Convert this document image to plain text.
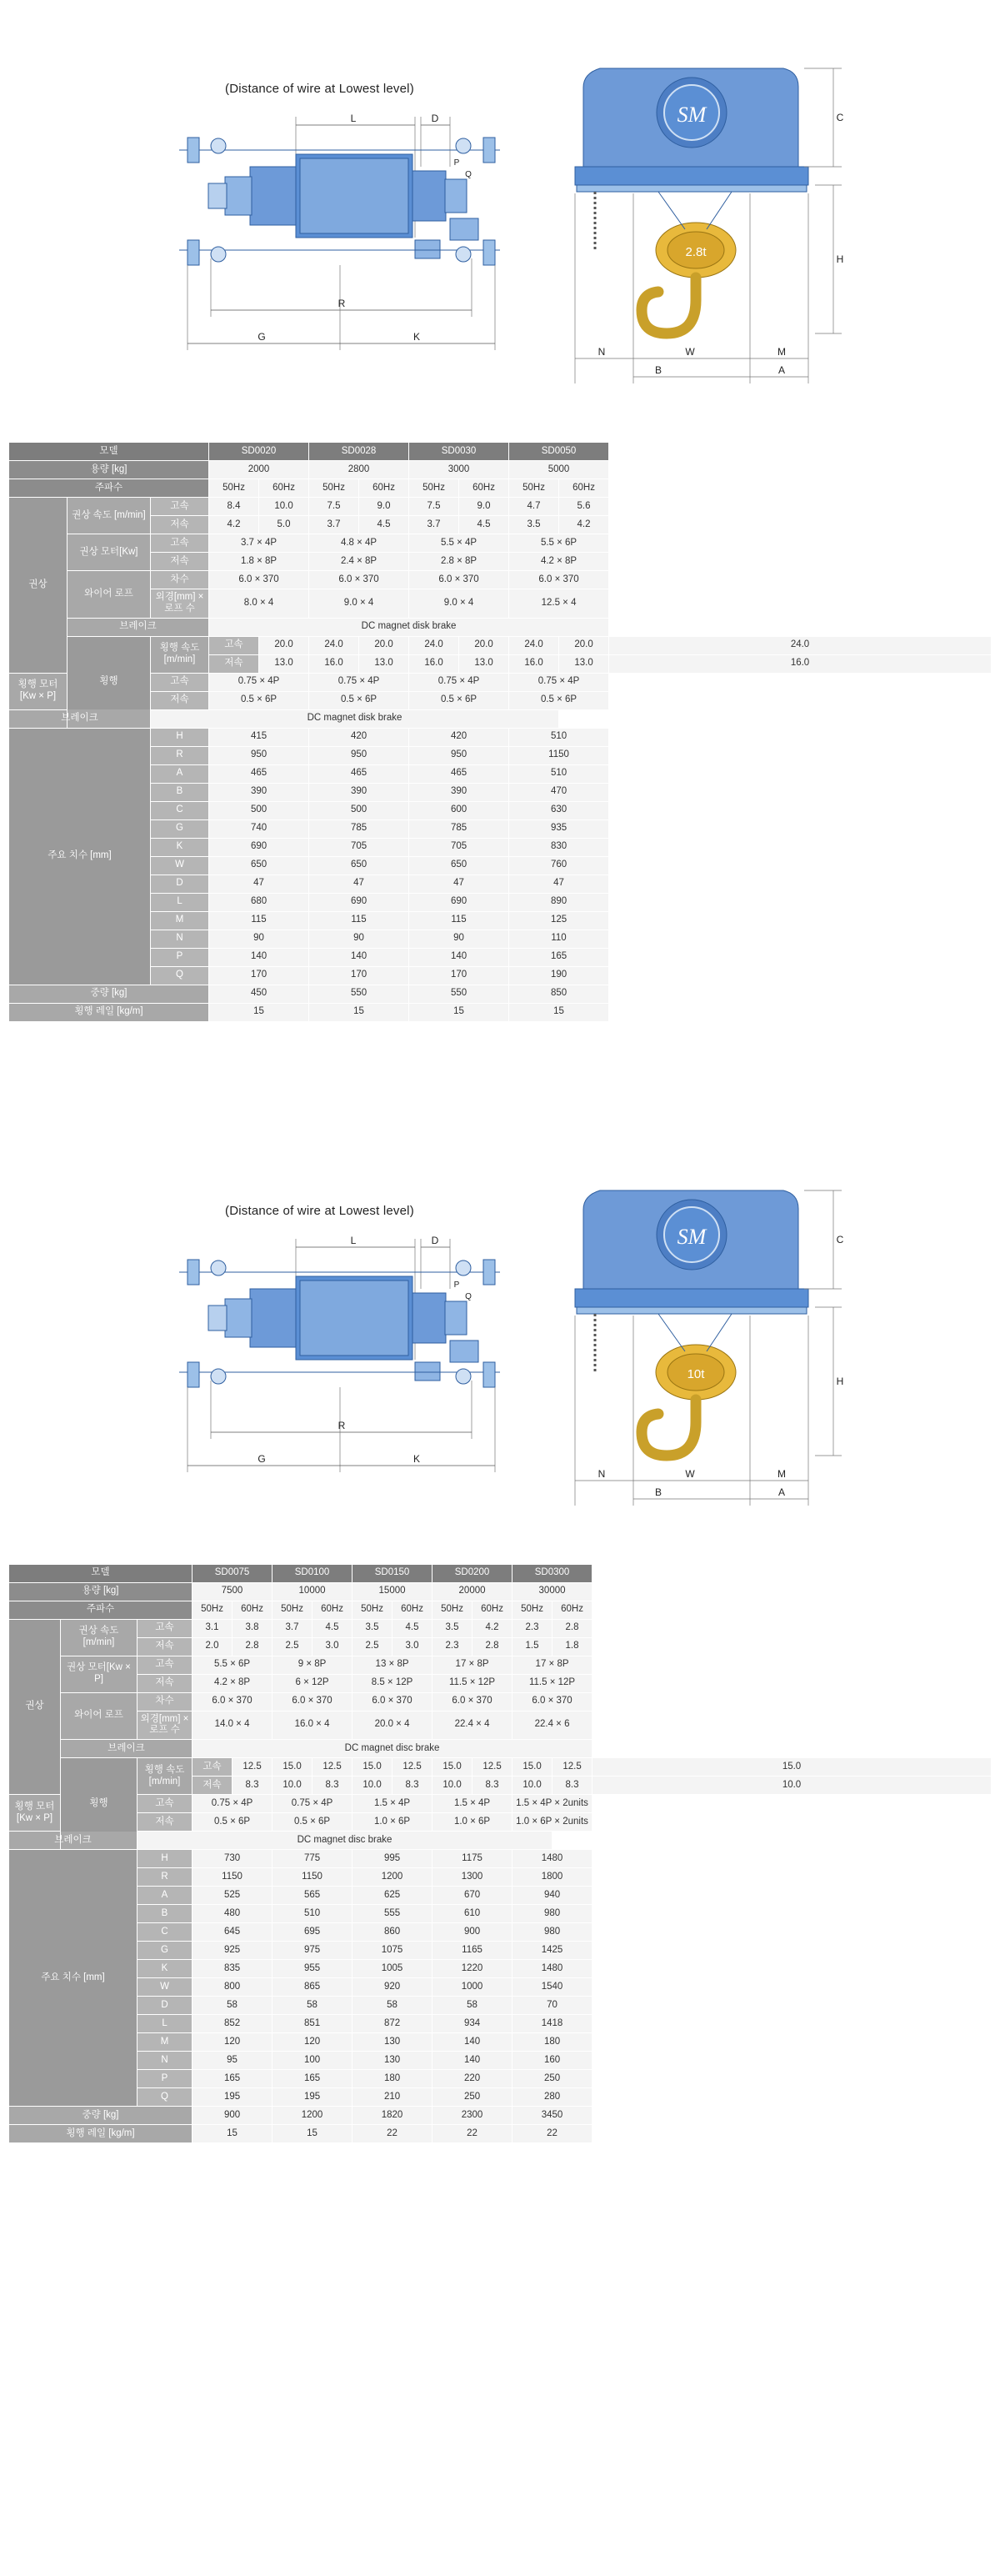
(Distance of wire at Lowest level)
L	D
R
G	K
P
Q
SM
2.8t
C
H
N	W	M
B	A
모델			SD0020		SD0028		SD0030		SD0050		
용량 [kg]			2000		2800		3000		5000		
주파수			50Hz	60Hz	50Hz	60Hz	50Hz	60Hz	50Hz	60Hz	
권상	권상 속도 [m/min]	고속	8.4	10.0	7.5	9.0	7.5	9.0	4.7	5.6	
		저속	4.2	5.0	3.7	4.5	3.7	4.5	3.5	4.2	
	권상 모터[Kw]	고속	3.7 × 4P		4.8 × 4P		5.5 × 4P		5.5 × 6P		
		저속	1.8 × 8P		2.4 × 8P		2.8 × 8P		4.2 × 8P		
	와이어 로프	차수	6.0 × 370		6.0 × 370		6.0 × 370		6.0 × 370		
		외경[mm] × 로프 수	8.0 × 4		9.0 × 4		9.0 × 4		12.5 × 4		
	브레이크		DC magnet disk brake								
	횡행	횡행 속도 [m/min]	고속	20.0	24.0	20.0	24.0	20.0	24.0	20.0	24.0
			저속	13.0	16.0	13.0	16.0	13.0	16.0	13.0	16.0
횡행 모터[Kw × P]		고속	0.75 × 4P		0.75 × 4P		0.75 × 4P		0.75 × 4P		
		저속	0.5 × 6P		0.5 × 6P		0.5 × 6P		0.5 × 6P		
브레이크		DC magnet disk brake									
주요 치수 [mm]		H	415		420		420		510		
		R	950		950		950		1150		
		A	465		465		465		510		
		B	390		390		390		470		
		C	500		500		600		630		
		G	740		785		785		935		
		K	690		705		705		830		
		W	650		650		650		760		
		D	47		47		47		47		
		L	680		690		690		890		
		M	115		115		115		125		
		N	90		90		90		110		
		P	140		140		140		165		
		Q	170		170		170		190		
중량 [kg]			450		550		550		850		
횡행 레일 [kg/m]			15		15		15		15		
(Distance of wire at Lowest level)
L	D
R
G	K
P
Q
SM
10t
C
H
N	W	M
B	A
모델			SD0075		SD0100		SD0150		SD0200		SD0300		
용량 [kg]			7500		10000		15000		20000		30000		
주파수			50Hz	60Hz	50Hz	60Hz	50Hz	60Hz	50Hz	60Hz	50Hz	60Hz	
권상	권상 속도 [m/min]	고속	3.1	3.8	3.7	4.5	3.5	4.5	3.5	4.2	2.3	2.8	
		저속	2.0	2.8	2.5	3.0	2.5	3.0	2.3	2.8	1.5	1.8	
	권상 모터[Kw × P]	고속	5.5 × 6P		9 × 8P		13 × 8P		17 × 8P		17 × 8P		
		저속	4.2 × 8P		6 × 12P		8.5 × 12P		11.5 × 12P		11.5 × 12P		
	와이어 로프	차수	6.0 × 370		6.0 × 370		6.0 × 370		6.0 × 370		6.0 × 370		
		외경[mm] × 로프 수	14.0 × 4		16.0 × 4		20.0 × 4		22.4 × 4		22.4 × 6		
	브레이크		DC magnet disc brake										
	횡행	횡행 속도 [m/min]	고속	12.5	15.0	12.5	15.0	12.5	15.0	12.5	15.0	12.5	15.0
			저속	8.3	10.0	8.3	10.0	8.3	10.0	8.3	10.0	8.3	10.0
횡행 모터[Kw × P]		고속	0.75 × 4P		0.75 × 4P		1.5 × 4P		1.5 × 4P		1.5 × 4P × 2units		
		저속	0.5 × 6P		0.5 × 6P		1.0 × 6P		1.0 × 6P		1.0 × 6P × 2units		
브레이크		DC magnet disc brake											
주요 치수 [mm]		H	730		775		995		1175		1480		
		R	1150		1150		1200		1300		1800		
		A	525		565		625		670		940		
		B	480		510		555		610		980		
		C	645		695		860		900		980		
		G	925		975		1075		1165		1425		
		K	835		955		1005		1220		1480		
		W	800		865		920		1000		1540		
		D	58		58		58		58		70		
		L	852		851		872		934		1418		
		M	120		120		130		140		180		
		N	95		100		130		140		160		
		P	165		165		180		220		250		
		Q	195		195		210		250		280		
중량 [kg]			900		1200		1820		2300		3450		
횡행 레일 [kg/m]			15		15		22		22		22		
